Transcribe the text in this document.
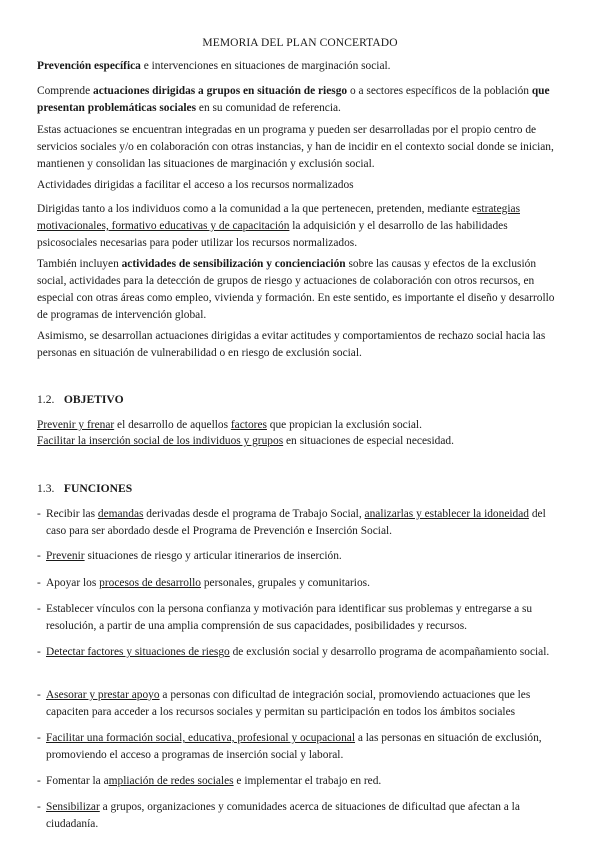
MEMORIA DEL PLAN CONCERTADO

Prevención específica e intervenciones en situaciones de marginación social.

Comprende actuaciones dirigidas a grupos en situación de riesgo o a sectores específicos de la población que presentan problemáticas sociales en su comunidad de referencia.

Estas actuaciones se encuentran integradas en un programa y pueden ser desarrolladas por el propio centro de servicios sociales y/o en colaboración con otras instancias, y han de incidir en el contexto social donde se inician, mantienen y consolidan las situaciones de marginación y exclusión social.

Actividades dirigidas a facilitar el acceso a los recursos normalizados

Dirigidas tanto a los individuos como a la comunidad a la que pertenecen, pretenden, mediante estrategias motivacionales, formativo educativas y de capacitación la adquisición y el desarrollo de las habilidades psicosociales necesarias para poder utilizar los recursos normalizados.

También incluyen actividades de sensibilización y concienciación sobre las causas y efectos de la exclusión social, actividades para la detección de grupos de riesgo y actuaciones de colaboración con otros recursos, en especial con otras áreas como empleo, vivienda y formación. En este sentido, es importante el diseño y desarrollo de programas de intervención global.

Asimismo, se desarrollan actuaciones dirigidas a evitar actitudes y comportamientos de rechazo social hacia las personas en situación de vulnerabilidad o en riesgo de exclusión social.

1.2. OBJETIVO

Prevenir y frenar el desarrollo de aquellos factores que propician la exclusión social.

Facilitar la inserción social de los individuos y grupos en situaciones de especial necesidad.

1.3. FUNCIONES
- Recibir las demandas derivadas desde el programa de Trabajo Social, analizarlas y establecer la idoneidad del caso para ser abordado desde el Programa de Prevención e Inserción Social.
- Prevenir situaciones de riesgo y articular itinerarios de inserción.
- Apoyar los procesos de desarrollo personales, grupales y comunitarios.
- Establecer vínculos con la persona confianza y motivación para identificar sus problemas y entregarse a su resolución, a partir de una amplia comprensión de sus capacidades, posibilidades y recursos.
- Detectar factores y situaciones de riesgo de exclusión social y desarrollo programa de acompañamiento social.
- Asesorar y prestar apoyo a personas con dificultad de integración social, promoviendo actuaciones que les capaciten para acceder a los recursos sociales y permitan su participación en todos los ámbitos sociales
- Facilitar una formación social, educativa, profesional y ocupacional a las personas en situación de exclusión, promoviendo el acceso a programas de inserción social y laboral.
- Fomentar la ampliación de redes sociales e implementar el trabajo en red.
- Sensibilizar a grupos, organizaciones y comunidades acerca de situaciones de dificultad que afectan a la ciudadanía.
